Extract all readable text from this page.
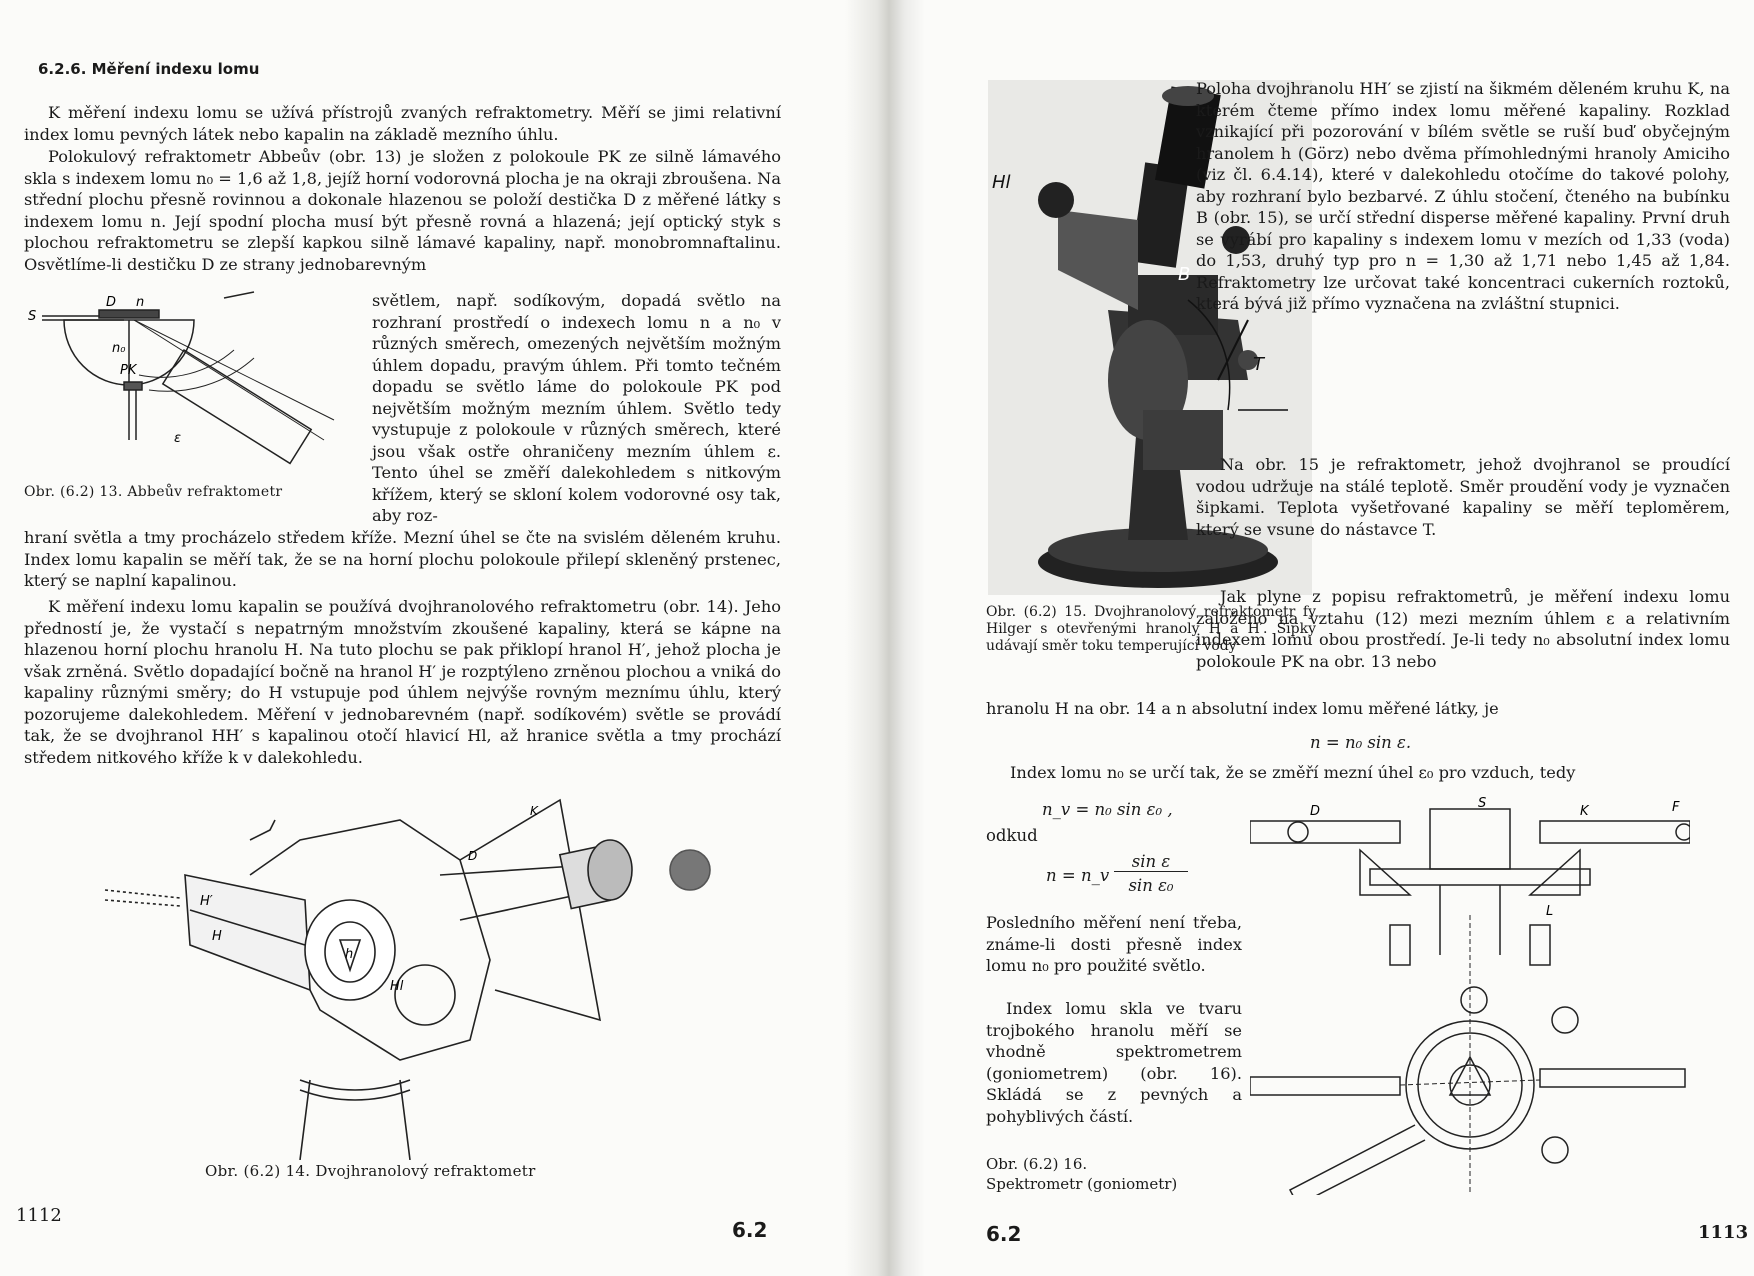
6.2.6. Měření indexu lomu

K měření indexu lomu se užívá přístrojů zvaných refraktometry. Měří se jimi relativní index lomu pevných látek nebo kapalin na základě mezního úhlu.

Polokulový refraktometr Abbeův (obr. 13) je složen z polokoule PK ze silně lámavého skla s indexem lomu n₀ = 1,6 až 1,8, jejíž horní vodorovná plocha je na okraji zbroušena. Na střední plochu přesně rovinnou a dokonale hlazenou se položí destička D z měřené látky s indexem lomu n. Její spodní plocha musí být přesně rovná a hlazená; její optický styk s plochou refraktometru se zlepší kapkou silně lámavé kapaliny, např. monobromnaftalinu. Osvětlíme-li destičku D ze strany jednobarevným

světlem, např. sodíkovým, dopadá světlo na rozhraní prostředí o indexech lomu n a n₀ v různých směrech, omezených největším možným úhlem dopadu, pravým úhlem. Při tomto tečném dopadu se světlo láme do polokoule PK pod největším možným mezním úhlem. Světlo tedy vystupuje z polokoule v různých směrech, které jsou však ostře ohraničeny mezním úhlem ε. Tento úhel se změří dalekohledem s nitkovým křížem, který se skloní kolem vodorovné osy tak, aby roz-

hraní světla a tmy procházelo středem kříže. Mezní úhel se čte na svislém děleném kruhu. Index lomu kapalin se měří tak, že se na horní plochu polokoule přilepí skleněný prstenec, který se naplní kapalinou.

K měření indexu lomu kapalin se používá dvojhranolového refraktometru (obr. 14). Jeho předností je, že vystačí s nepatrným množstvím zkoušené kapaliny, která se kápne na hlazenou horní plochu hranolu H. Na tuto plochu se pak přiklopí hranol H′, jehož plocha je však zrněná. Světlo dopadající bočně na hranol H′ je rozptýleno zrněnou plochou a vniká do kapaliny různými směry; do H vstupuje pod úhlem nejvýše rovným meznímu úhlu, který pozorujeme dalekohledem. Měření v jednobarevném (např. sodíkovém) světle se provádí tak, že se dvojhranol HH′ s kapalinou otočí hlavicí Hl, až hranice světla a tmy prochází středem nitkového kříže k v dalekohledu.

S
D n
n₀
PK
ε
Obr. (6.2) 13. Abbeův refraktometr
K
D
H′
H
h
Hl
Obr. (6.2) 14. Dvojhranolový refraktometr
1112
6.2
Hl
B
T
Obr. (6.2) 15. Dvojhranolový refraktometr fy Hilger s otevřenými hranoly H a H′. Šipky udávají směr toku temperující vody

Poloha dvojhranolu HH′ se zjistí na šikmém děleném kruhu K, na kterém čteme přímo index lomu měřené kapaliny. Rozklad vznikající při pozorování v bílém světle se ruší buď obyčejným hranolem h (Görz) nebo dvěma přímohlednými hranoly Amiciho (viz čl. 6.4.14), které v dalekohledu otočíme do takové polohy, aby rozhraní bylo bezbarvé. Z úhlu stočení, čteného na bubínku B (obr. 15), se určí střední disperse měřené kapaliny. První druh se vyrábí pro kapaliny s indexem lomu v mezích od 1,33 (voda) do 1,53, druhý typ pro n = 1,30 až 1,71 nebo 1,45 až 1,84. Refraktometry lze určovat také koncentraci cukerních roztoků, která bývá již přímo vyznačena na zvláštní stupnici.

Na obr. 15 je refraktometr, jehož dvojhranol se proudící vodou udržuje na stálé teplotě. Směr proudění vody je vyznačen šipkami. Teplota vyšetřované kapaliny se měří teploměrem, který se vsune do nástavce T.

Jak plyne z popisu refraktometrů, je měření indexu lomu založeno na vztahu (12) mezi mezním úhlem ε a relativním indexem lomu obou prostředí. Je-li tedy n₀ absolutní index lomu polokoule PK na obr. 13 nebo

hranolu H na obr. 14 a n absolutní index lomu měřené látky, je

n = n₀ sin ε.

Index lomu n₀ se určí tak, že se změří mezní úhel ε₀ pro vzduch, tedy

n_v = n₀ sin ε₀ ,
odkud
n = n_v
sin ε
sin ε₀

Posledního měření není třeba, známe-li dosti přesně index lomu n₀ pro použité světlo.

Index lomu skla ve tvaru trojbokého hranolu měří se vhodně spektrometrem (goniometrem) (obr. 16). Skládá se z pevných a pohyblivých částí.

Obr. (6.2) 16.
Spektrometr (goniometr)
D
S
K	F
L
6.2	1113
